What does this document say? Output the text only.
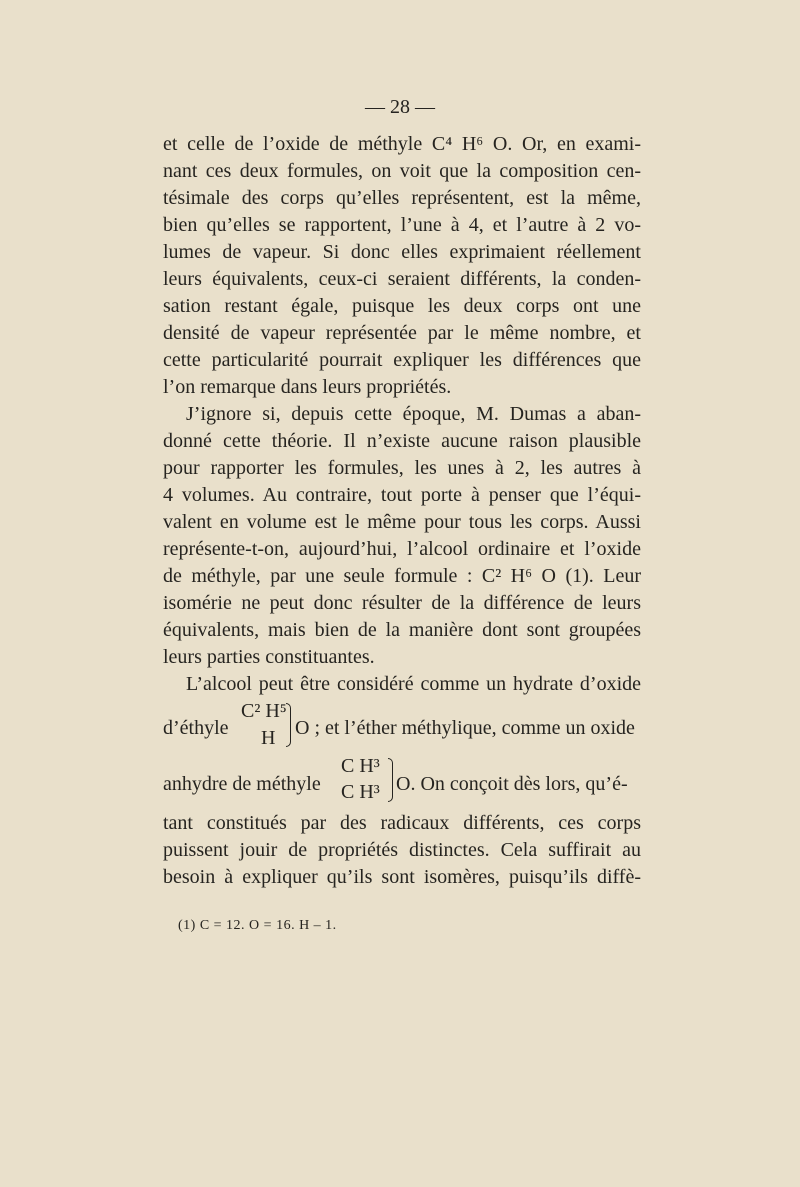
— 28 —
et celle de l’oxide de méthyle C⁴ H⁶ O. Or, en exami-
nant ces deux formules, on voit que la composition cen-
tésimale des corps qu’elles représentent, est la même,
bien qu’elles se rapportent, l’une à 4, et l’autre à 2 vo-
lumes de vapeur. Si donc elles exprimaient réellement
leurs équivalents, ceux-ci seraient différents, la conden-
sation restant égale, puisque les deux corps ont une
densité de vapeur représentée par le même nombre, et
cette particularité pourrait expliquer les différences que
l’on remarque dans leurs propriétés.
J’ignore si, depuis cette époque, M. Dumas a aban-
donné cette théorie. Il n’existe aucune raison plausible
pour rapporter les formules, les unes à 2, les autres à
4 volumes. Au contraire, tout porte à penser que l’équi-
valent en volume est le même pour tous les corps. Aussi
représente-t-on, aujourd’hui, l’alcool ordinaire et l’oxide
de méthyle, par une seule formule : C² H⁶ O (1). Leur
isomérie ne peut donc résulter de la différence de leurs
équivalents, mais bien de la manière dont sont groupées
leurs parties constituantes.
L’alcool peut être considéré comme un hydrate d’oxide
d’éthyle
C² H⁵
H O ; et l’éther méthylique, comme un oxide
anhydre de méthyle
C H³
C H³ O. On conçoit dès lors, qu’é-
tant constitués par des radicaux différents, ces corps
puissent jouir de propriétés distinctes. Cela suffirait au
besoin à expliquer qu’ils sont isomères, puisqu’ils diffè-
(1) C = 12. O = 16. H – 1.
